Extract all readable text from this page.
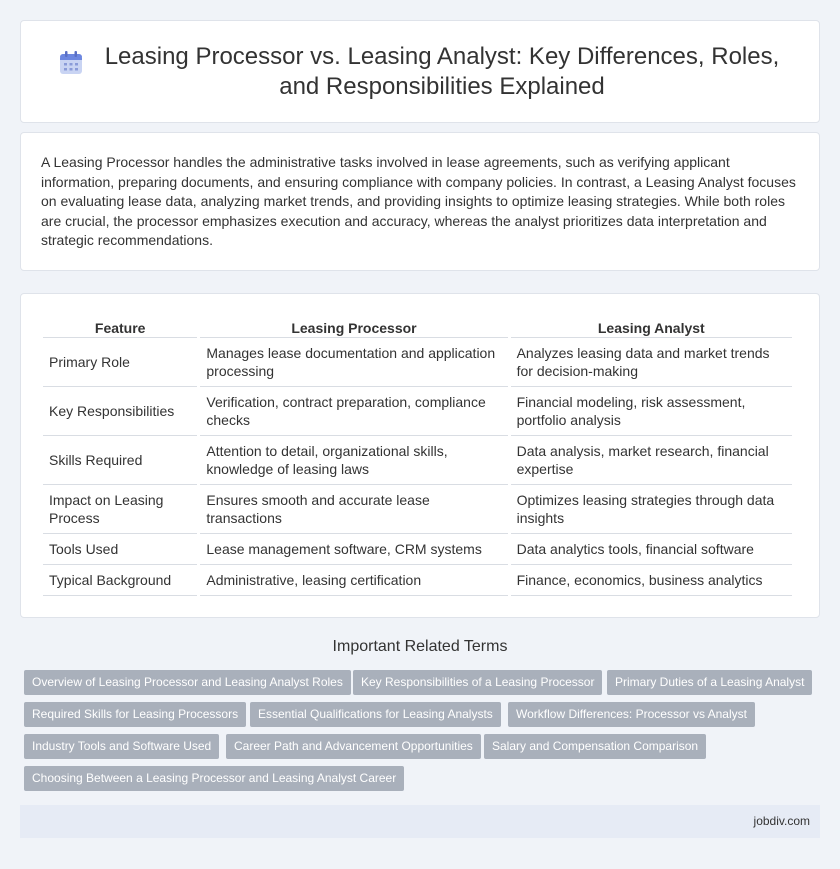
Leasing Processor vs. Leasing Analyst: Key Differences, Roles, and Responsibilities Explained

A Leasing Processor handles the administrative tasks involved in lease agreements, such as verifying applicant information, preparing documents, and ensuring compliance with company policies. In contrast, a Leasing Analyst focuses on evaluating lease data, analyzing market trends, and providing insights to optimize leasing strategies. While both roles are crucial, the processor emphasizes execution and accuracy, whereas the analyst prioritizes data interpretation and strategic recommendations.

Feature	Leasing Processor	Leasing Analyst
Primary Role	Manages lease documentation and application processing	Analyzes leasing data and market trends for decision-making
Key Responsibilities	Verification, contract preparation, compliance checks	Financial modeling, risk assessment, portfolio analysis
Skills Required	Attention to detail, organizational skills, knowledge of leasing laws	Data analysis, market research, financial expertise
Impact on Leasing Process	Ensures smooth and accurate lease transactions	Optimizes leasing strategies through data insights
Tools Used	Lease management software, CRM systems	Data analytics tools, financial software
Typical Background	Administrative, leasing certification	Finance, economics, business analytics
Important Related Terms
Overview of Leasing Processor and Leasing Analyst Roles	Key Responsibilities of a Leasing Processor	Primary Duties of a Leasing Analyst
Required Skills for Leasing Processors	Essential Qualifications for Leasing Analysts	Workflow Differences: Processor vs Analyst
Industry Tools and Software Used	Career Path and Advancement Opportunities	Salary and Compensation Comparison
Choosing Between a Leasing Processor and Leasing Analyst Career
jobdiv.com
